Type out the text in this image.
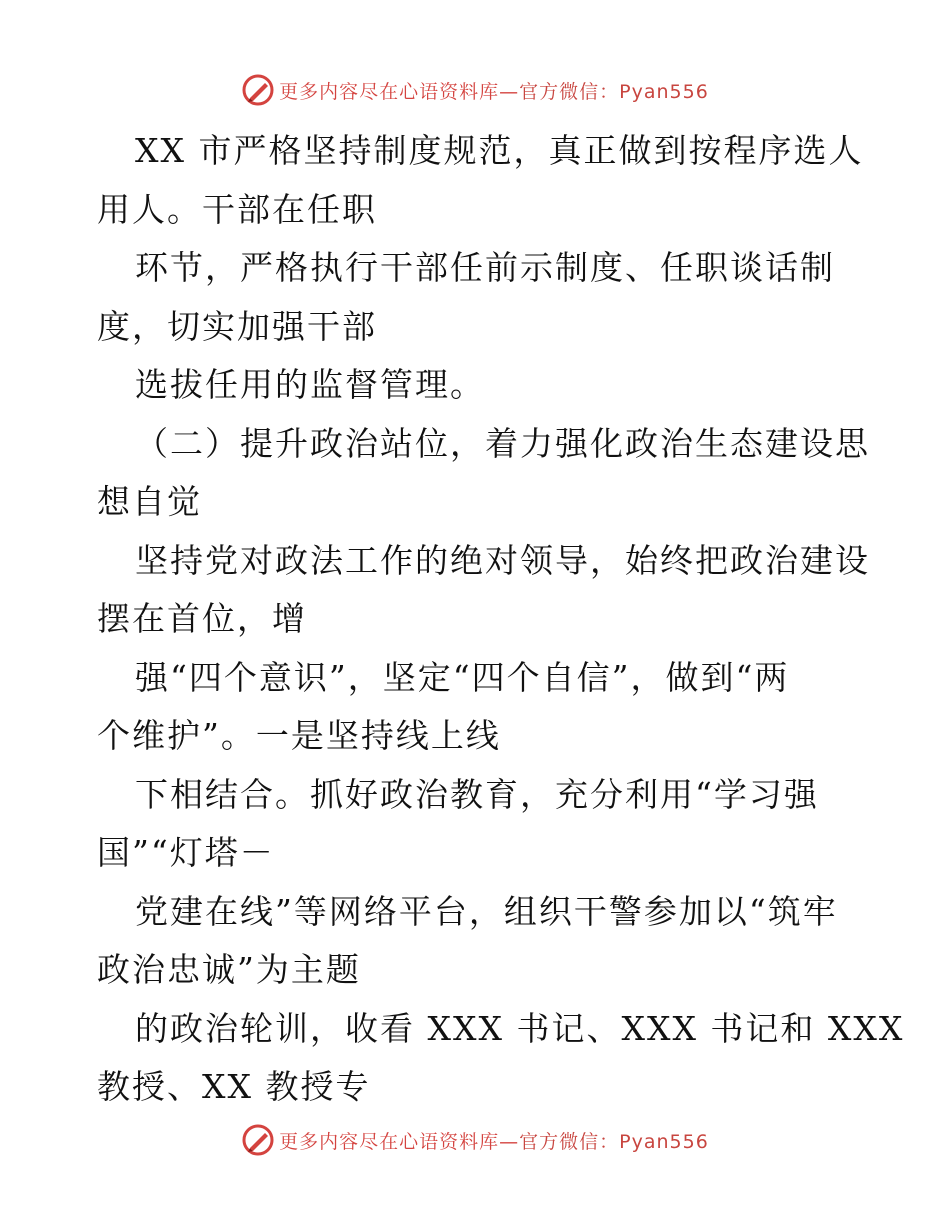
更多内容尽在心语资料库—官方微信：Pyan556
XX 市严格坚持制度规范，真正做到按程序选人
用人。干部在任职
环节，严格执行干部任前示制度、任职谈话制
度，切实加强干部
选拔任用的监督管理。
（二）提升政治站位，着力强化政治生态建设思
想自觉
坚持党对政法工作的绝对领导，始终把政治建设
摆在首位，增
强“四个意识”，坚定“四个自信”，做到“两
个维护”。一是坚持线上线
下相结合。抓好政治教育，充分利用“学习强
国”“灯塔－
党建在线”等网络平台，组织干警参加以“筑牢
政治忠诚”为主题
的政治轮训，收看 XXX 书记、XXX 书记和 XXX
教授、XX 教授专
更多内容尽在心语资料库—官方微信：Pyan556
